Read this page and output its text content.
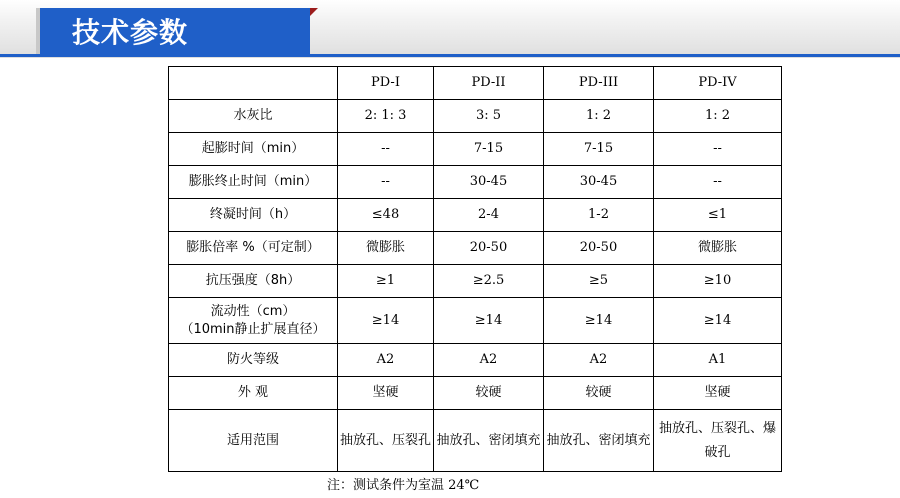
技术参数
	PD-I	PD-II	PD-III	PD-IV
水灰比	2: 1: 3	3: 5	1: 2	1: 2
起膨时间（min）	--	7-15	7-15	--
膨胀终止时间（min）	--	30-45	30-45	--
终凝时间（h）	≤48	2-4	1-2	≤1
膨胀倍率 %（可定制）	微膨胀	20-50	20-50	微膨胀
抗压强度（8h）	≥1	≥2.5	≥5	≥10

流动性（cm）
（10min静止扩展直径）	≥14	≥14	≥14	≥14
防火等级	A2	A2	A2	A1
外 观	坚硬	较硬	较硬	坚硬
适用范围	抽放孔、压裂孔	抽放孔、密闭填充	抽放孔、密闭填充	抽放孔、压裂孔、爆破孔
注：测试条件为室温 24℃
